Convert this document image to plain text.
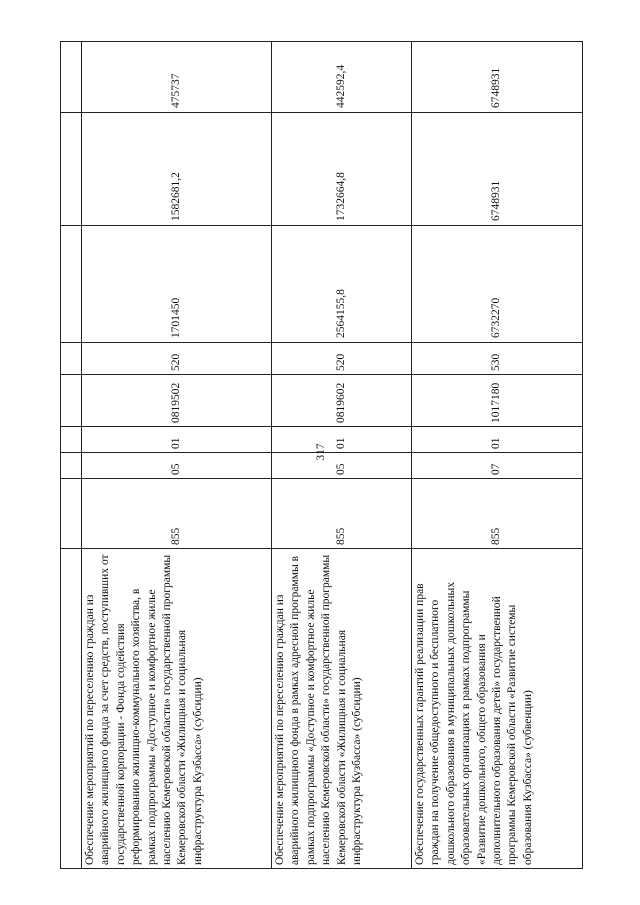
317

Обеспечение мероприятий по переселению граждан из аварийного жилищного фонда за счет средств, поступивших от государственной корпорации - Фонда содействия реформированию жилищно-коммунального хозяйства, в рамках подпрограммы «Доступное и комфортное жилье населению Кемеровской области» государственной программы Кемеровской области «Жилищная и социальная инфраструктура Кузбасса» (субсидии)	855	05	01	0819502	520	1701450	1582681,2	475737
Обеспечение мероприятий по переселению граждан из аварийного жилищного фонда в рамках адресной программы в рамках подпрограммы «Доступное и комфортное жилье населению Кемеровской области» государственной программы Кемеровской области «Жилищная и социальная инфраструктура Кузбасса» (субсидии)	855	05	01	0819602	520	2564155,8	1732664,8	442592,4
Обеспечение государственных гарантий реализации прав граждан на получение общедоступного и бесплатного дошкольного образования в муниципальных дошкольных образовательных организациях в рамках подпрограммы «Развитие дошкольного, общего образования и дополнительного образования детей» государственной программы Кемеровской области «Развитие системы образования Кузбасса» (субвенции)	855	07	01	1017180	530	6732270	6748931	6748931
